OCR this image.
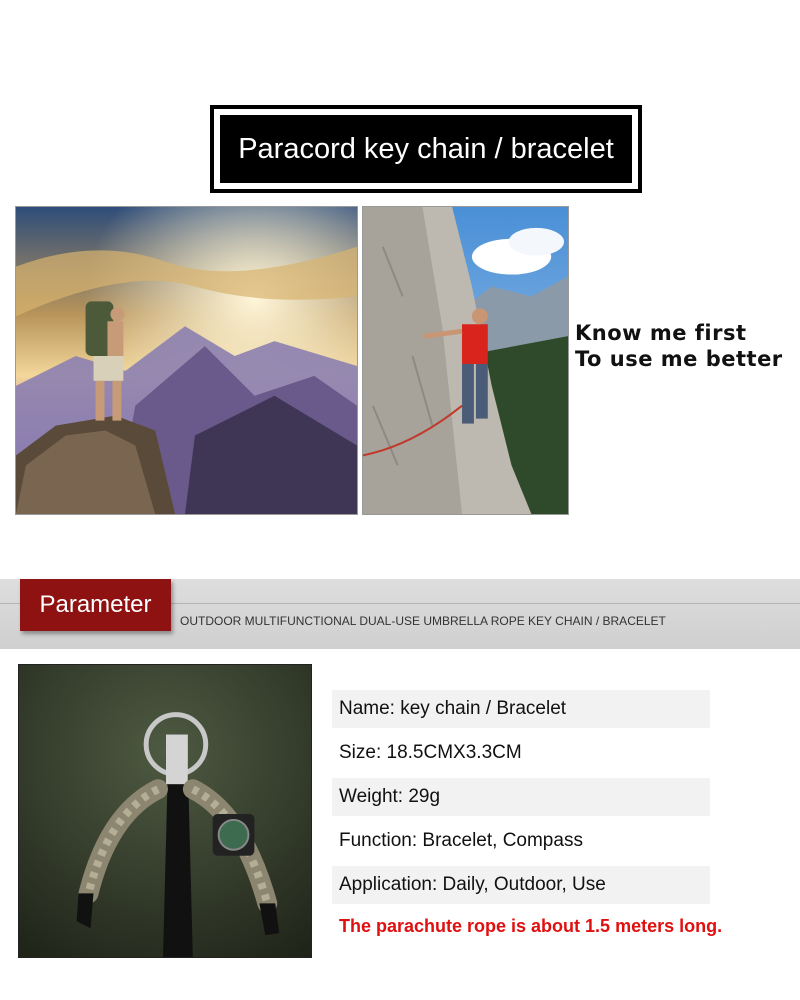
Paracord key chain / bracelet
Know me first
To use me better
Parameter
OUTDOOR MULTIFUNCTIONAL DUAL-USE UMBRELLA ROPE KEY CHAIN / BRACELET
Name: key chain / Bracelet
Size: 18.5CMX3.3CM
Weight: 29g
Function: Bracelet, Compass
Application: Daily, Outdoor, Use
The parachute rope is about 1.5 meters long.
